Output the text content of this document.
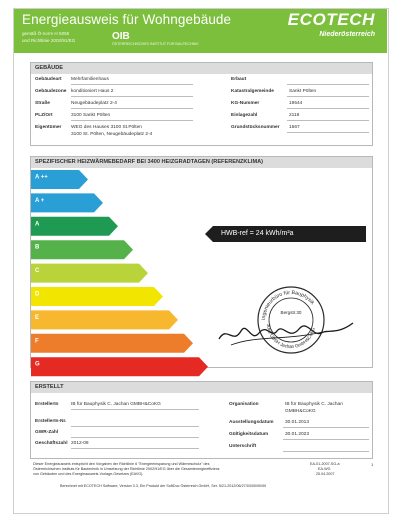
Energieausweis für Wohngebäude
gemäß Ö-norm H 5055
und Richtlinie 2002/91/EG	OIB
ÖSTERREICHISCHES INSTITUT FÜR BAUTECHNIK
ECOTECH
Niederösterreich
GEBÄUDE
Gebäudeart Mehrfamilienhaus
Gebäudezone konditioniert Haus 2
Straße	Neugebäudeplatz 2-4
PLZ/Ort	3100 Sankt Pölten
Eigentümer WEG des Hauses 3100 St.Pölten
3100 St. Pölten, Neugebäudeplatz 2-4
Erbaut
Katastralgemeinde	Sankt Pölten
KG-Nummer	19544
Einlagezahl	2118
Grundstücksnummer 1567
SPEZIFISCHER HEIZWÄRMEBEDARF BEI 3400 HEIZGRADTAGEN (REFERENZKLIMA)
A ++
A +
A
B
C
D
E
F
G
HWB-ref = 24 kWh/m²a
Ingenieurbüro für Bauphysik
3062 GBSH Jachan GmbH&CoKG
Bergstr.30
ERSTELLT
ErstellerIn	IB für Bauphysik C. Jachan GMBH&CoKG
ErstellerIn-Nr.
GWR-Zahl
Geschäftszahl 2012-08
Organisation	IB für Bauphysik C. Jachan
GMBH&CoKG
Ausstellungsdatum 30.01.2013
Gültigkeitsdatum	30.01.2023
Unterschrift
Dieser Energieausweis entspricht den Vorgaben der Richtlinie 6 "Energieeinsparung und Wärmeschutz" des
Österreichischen Instituts für Bautechnik in Umsetzung der Richtlinie 2002/91/EG über die Gesamtenergieeffizienz
von Gebäuden und des Energieausweis-Vorlage-Gesetzes (EAVG).
EA-01-2007-SG-a
EA-WG
25.04.2007
1
Berechnet mit ECOTECH Software, Version 3.3, Ein Produkt der SoftDoc Österreich GmbH, Ser. 5/21-2012/06/27/03/00/00/00
